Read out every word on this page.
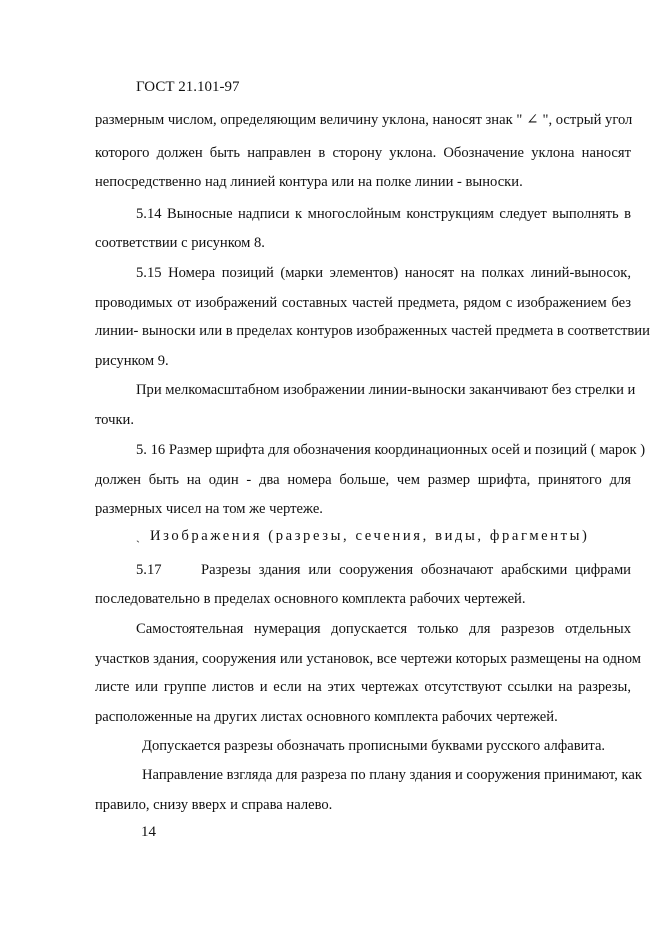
ГОСТ 21.101-97
размерным числом, определяющим величину уклона, наносят знак " ∠ ", острый угол
которого должен быть направлен в сторону уклона. Обозначение уклона наносят
непосредственно над линией контура или на полке линии - выноски.
5.14 Выносные надписи к многослойным конструкциям следует выполнять в
соответствии с рисунком 8.
5.15 Номера позиций (марки элементов) наносят на полках линий-выносок,
проводимых от изображений составных частей предмета, рядом с изображением без
линии- выноски или в пределах контуров изображенных частей предмета в соответствии
рисунком 9.
При мелкомасштабном изображении линии-выноски заканчивают без стрелки и
точки.
5. 16 Размер шрифта для обозначения координационных осей и позиций ( марок )
должен быть на один - два номера больше, чем размер шрифта, принятого для
размерных чисел на том же чертеже.
ˎ Изображения (разрезы, сечения, виды, фрагменты)
5.17	Разрезы здания или сооружения обозначают арабскими цифрами
последовательно в пределах основного комплекта рабочих чертежей.
Самостоятельная нумерация допускается только для разрезов отдельных
участков здания, сооружения или установок, все чертежи которых размещены на одном
листе или группе листов и если на этих чертежах отсутствуют ссылки на разрезы,
расположенные на других листах основного комплекта рабочих чертежей.
Допускается разрезы обозначать прописными буквами русского алфавита.
Направление взгляда для разреза по плану здания и сооружения принимают, как
правило, снизу вверх и справа налево.
14
